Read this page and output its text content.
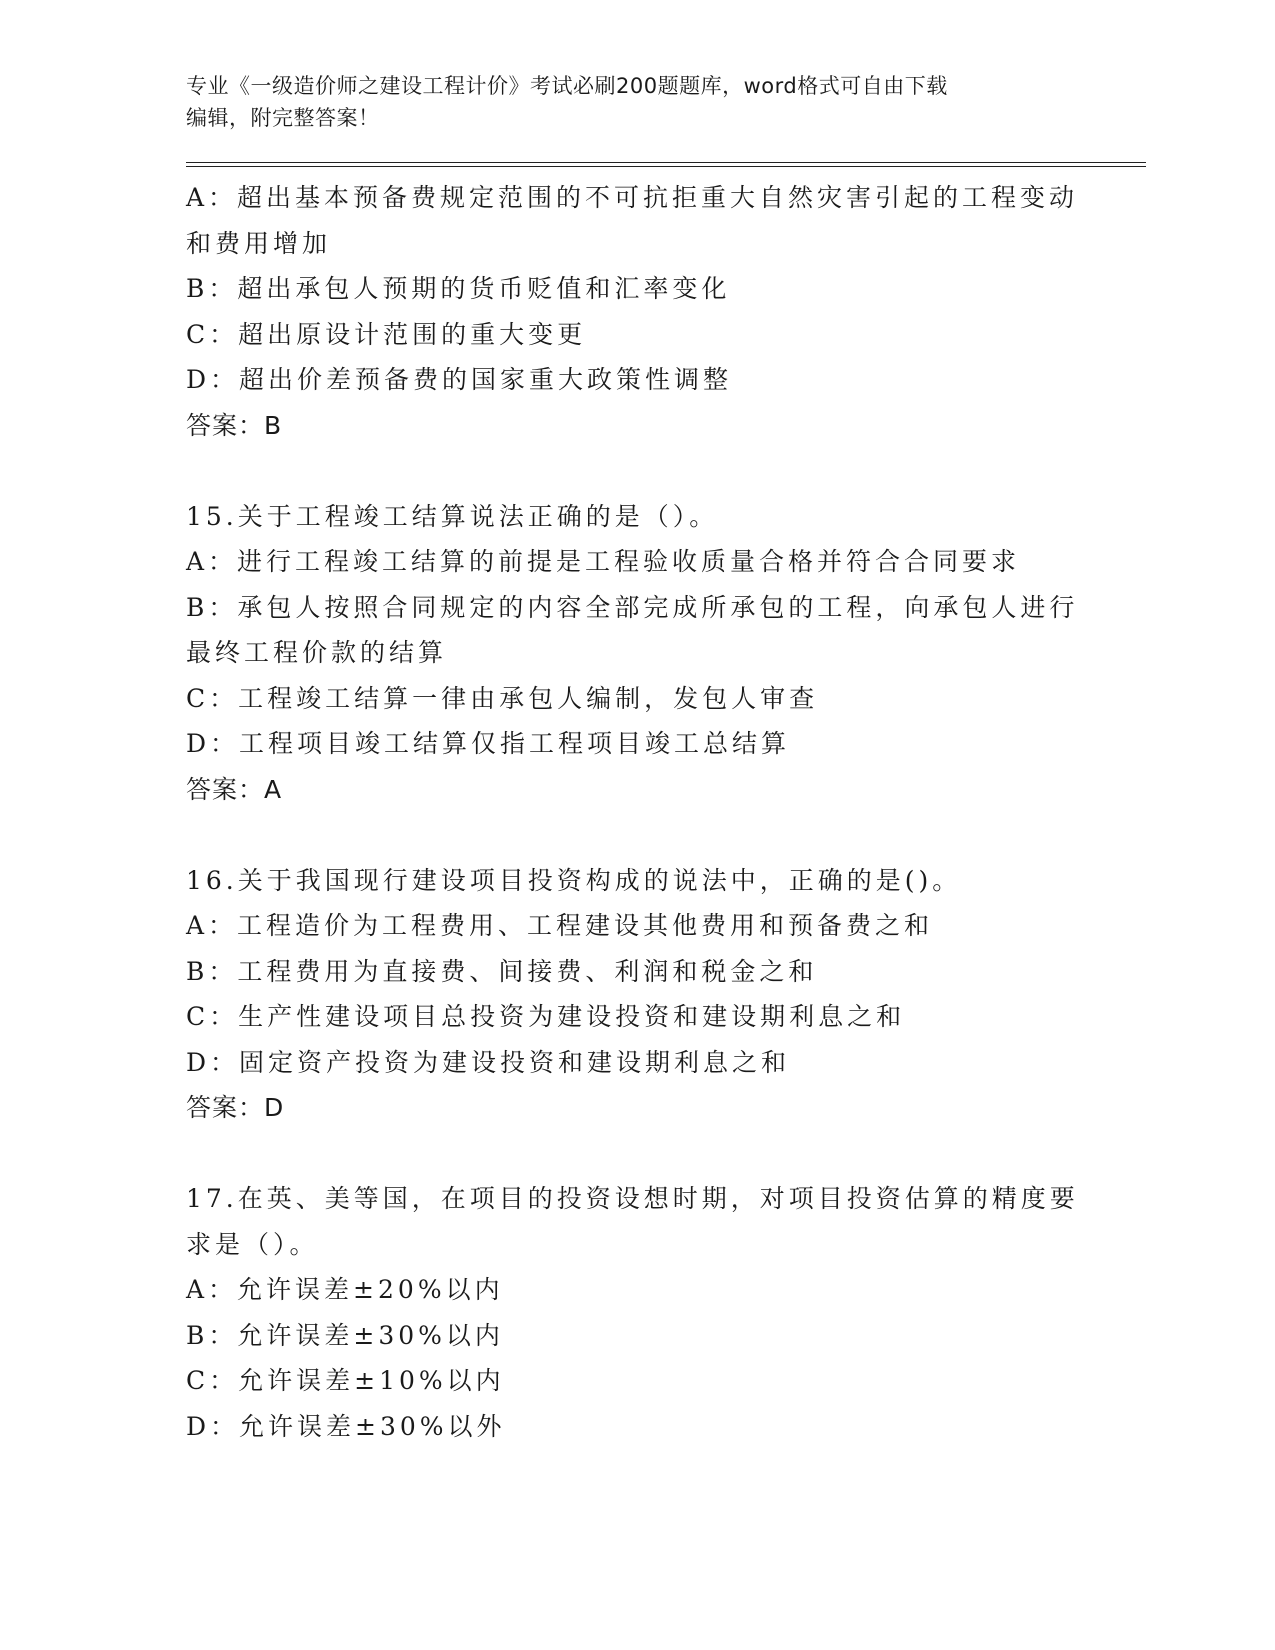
专业《一级造价师之建设工程计价》考试必刷200题题库，word格式可自由下载
编辑，附完整答案！
A：超出基本预备费规定范围的不可抗拒重大自然灾害引起的工程变动
和费用增加
B：超出承包人预期的货币贬值和汇率变化
C：超出原设计范围的重大变更
D：超出价差预备费的国家重大政策性调整
答案：B
15.关于工程竣工结算说法正确的是（）。
A：进行工程竣工结算的前提是工程验收质量合格并符合合同要求
B：承包人按照合同规定的内容全部完成所承包的工程，向承包人进行
最终工程价款的结算
C：工程竣工结算一律由承包人编制，发包人审查
D：工程项目竣工结算仅指工程项目竣工总结算
答案：A
16.关于我国现行建设项目投资构成的说法中，正确的是()。
A：工程造价为工程费用、工程建设其他费用和预备费之和
B：工程费用为直接费、间接费、利润和税金之和
C：生产性建设项目总投资为建设投资和建设期利息之和
D：固定资产投资为建设投资和建设期利息之和
答案：D
17.在英、美等国，在项目的投资设想时期，对项目投资估算的精度要
求是（）。
A：允许误差±20%以内
B：允许误差±30%以内
C：允许误差±10%以内
D：允许误差±30%以外
